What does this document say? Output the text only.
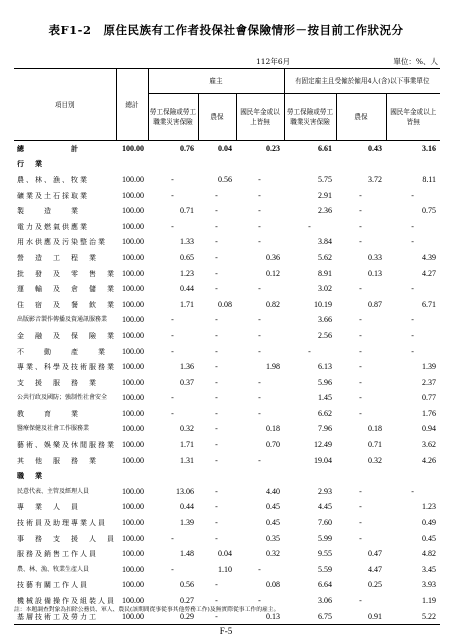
表F1-2　原住民族有工作者投保社會保險情形－按目前工作狀況分
112年6月	單位：%、人
項目別	總計	雇主			有固定雇主且受僱於僱用4人(含)以下事業單位		
		勞工保險或勞工職業災害保險	農保	國民年金或以上皆無	勞工保險或勞工職業災害保險	農保	國民年金或以上皆無
總　計	100.00	0.76	0.04	0.23	6.61	0.43	3.16
行　業							
農、林、漁、牧業	100.00	-	0.56	-	5.75	3.72	8.11
礦業及土石採取業	100.00	-	-	-	2.91	-	-
製　　造　　業	100.00	0.71	-	-	2.36	-	0.75
電力及燃氣供應業	100.00	-	-	-	-	-	-
用水供應及污染整治業	100.00	1.33	-	-	3.84	-	-
營　造　工　程　業	100.00	0.65	-	0.36	5.62	0.33	4.39
批　發　及　零　售　業	100.00	1.23	-	0.12	8.91	0.13	4.27
運　輸　及　倉　儲　業	100.00	0.44	-	-	3.02	-	-
住　宿　及　餐　飲　業	100.00	1.71	0.08	0.82	10.19	0.87	6.71
出版影音製作傳播及資通訊服務業	100.00	-	-	-	3.66	-	-
金　融　及　保　險　業	100.00	-	-	-	2.56	-	-
不　　動　　產　　業	100.00	-	-	-	-	-	-
專業、科學及技術服務業	100.00	1.36	-	1.98	6.13	-	1.39
支　援　服　務　業	100.00	0.37	-	-	5.96	-	2.37
公共行政及國防；強制性社會安全	100.00	-	-	-	1.45	-	0.77
教　　育　　業	100.00	-	-	-	6.62	-	1.76
醫療保健及社會工作服務業	100.00	0.32	-	0.18	7.96	0.18	0.94
藝術、娛樂及休閒服務業	100.00	1.71	-	0.70	12.49	0.71	3.62
其　他　服　務　業	100.00	1.31	-	-	19.04	0.32	4.26
職　業							
民意代表、主管及經理人員	100.00	13.06	-	4.40	2.93	-	-
專　業　人　員	100.00	0.44	-	0.45	4.45	-	1.23
技術員及助理專業人員	100.00	1.39	-	0.45	7.60	-	0.49
事　務　支　援　人　員	100.00	-	-	0.35	5.99	-	0.45
服務及銷售工作人員	100.00	1.48	0.04	0.32	9.55	0.47	4.82
農、林、漁、牧業生產人員	100.00	-	1.10	-	5.59	4.47	3.45
技藝有關工作人員	100.00	0.56	-	0.08	6.64	0.25	3.93
機械設備操作及組裝人員	100.00	0.27	-	-	3.06	-	1.19
基層技術工及勞力工	100.00	0.29	-	0.13	6.75	0.91	5.22
註：本題調查對象為扣除公務員、軍人、農民(該期間從事從事其他勞務工作)及無實際從事工作的雇主。
F-5
